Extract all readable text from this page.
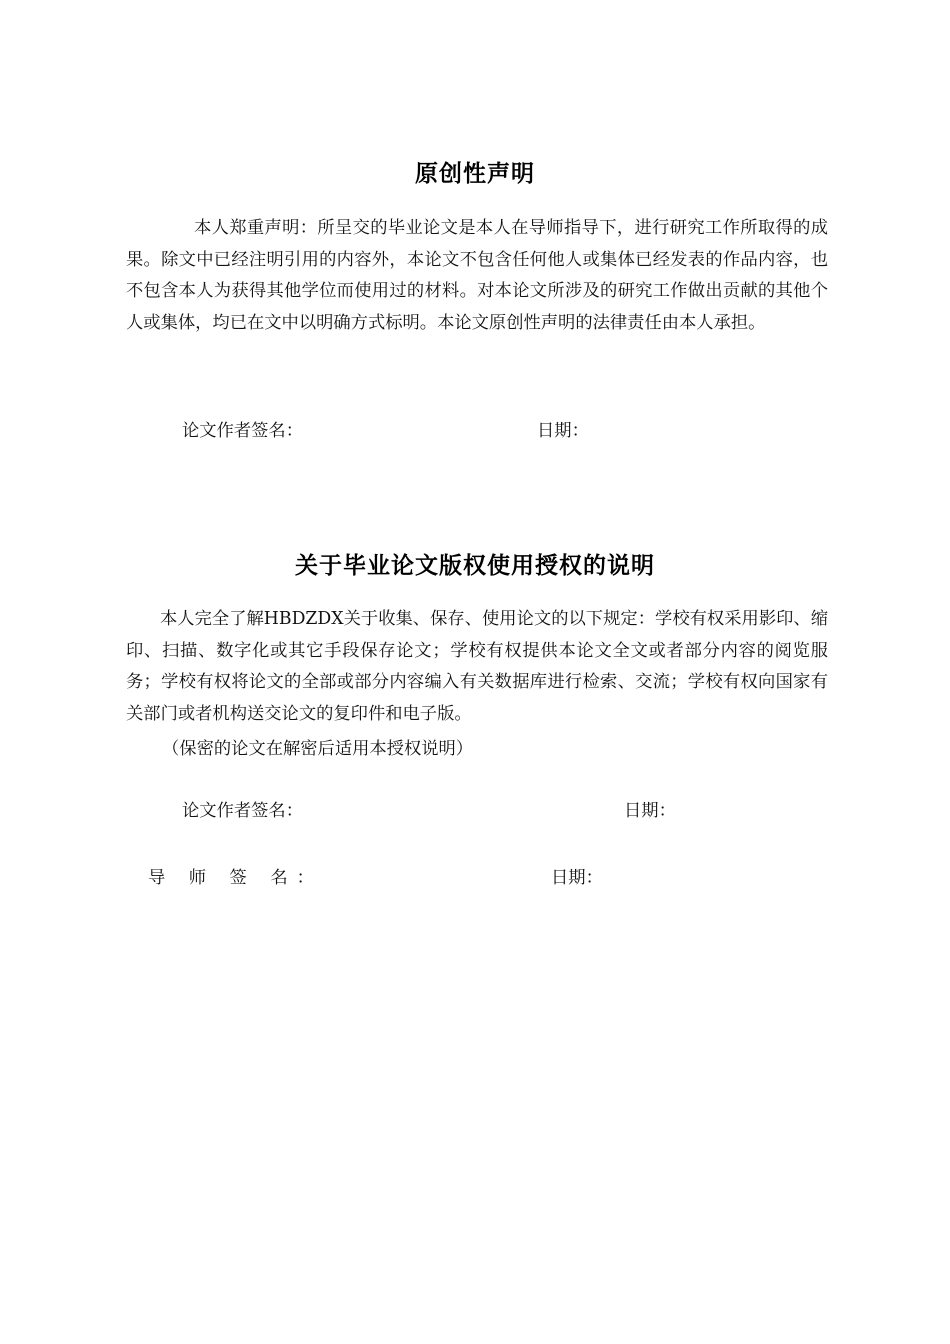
原创性声明

本人郑重声明：所呈交的毕业论文是本人在导师指导下，进行研究工作所取得的成果。除文中已经注明引用的内容外，本论文不包含任何他人或集体已经发表的作品内容，也不包含本人为获得其他学位而使用过的材料。对本论文所涉及的研究工作做出贡献的其他个人或集体，均已在文中以明确方式标明。本论文原创性声明的法律责任由本人承担。

论文作者签名：	日期：
关于毕业论文版权使用授权的说明

本人完全了解HBDZDX关于收集、保存、使用论文的以下规定：学校有权采用影印、缩印、扫描、数字化或其它手段保存论文；学校有权提供本论文全文或者部分内容的阅览服务；学校有权将论文的全部或部分内容编入有关数据库进行检索、交流；学校有权向国家有关部门或者机构送交论文的复印件和电子版。

（保密的论文在解密后适用本授权说明）
论文作者签名：	日期：
导 师 签 名：	日期：
